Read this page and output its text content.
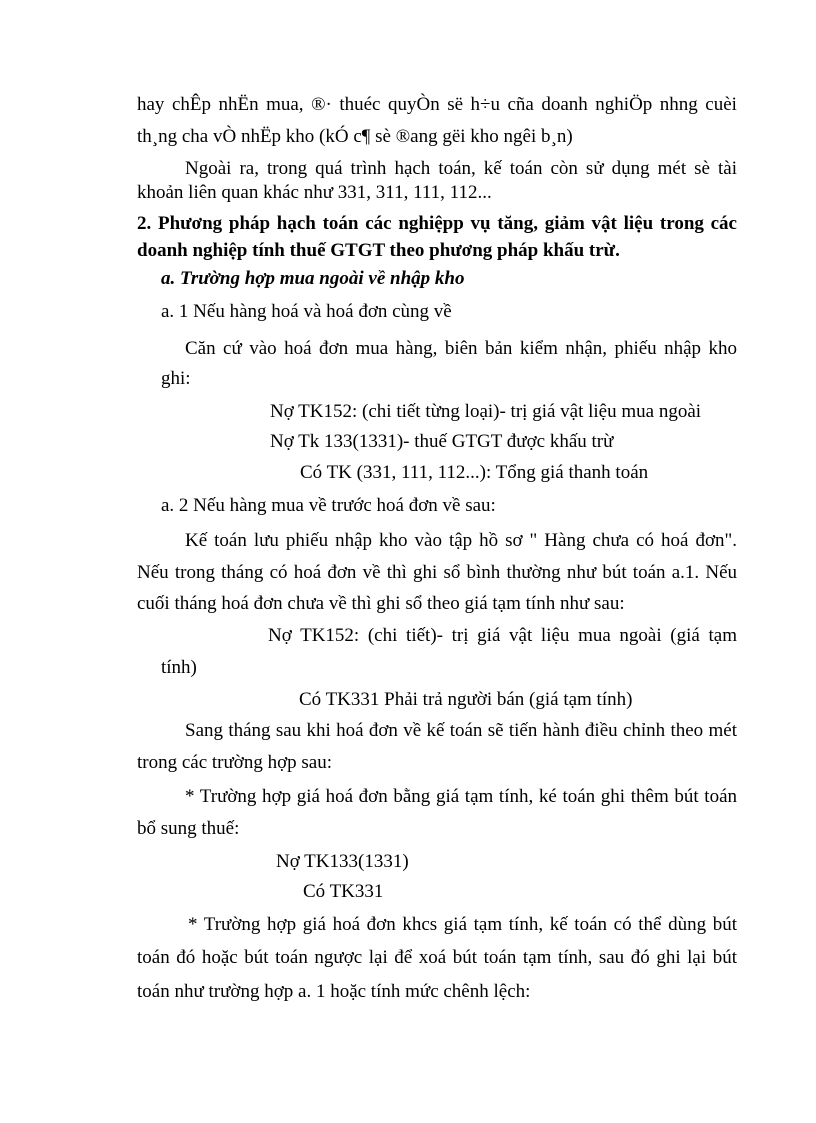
hay chÊp nhËn mua, ®· thuéc quyÒn së h÷u cña doanh nghiÖp nhng cuèi
th¸ng cha vÒ nhËp kho (kÓ c¶ sè ®ang gëi kho ngêi b¸n)
Ngoài ra, trong quá trình hạch toán, kế toán còn sử dụng mét sè tài
khoản liên quan khác như 331, 311, 111, 112...
2. Phương pháp hạch toán các nghiệpp vụ tăng, giảm vật liệu trong các
doanh nghiệp tính thuế GTGT theo phương pháp khấu trừ.
a. Trường hợp mua ngoài về nhập kho
a. 1 Nếu hàng hoá và hoá đơn cùng về
Căn cứ vào hoá đơn mua hàng, biên bản kiểm nhận, phiếu nhập kho
ghi:
Nợ TK152: (chi tiết từng loại)- trị giá vật liệu mua ngoài
Nợ Tk 133(1331)- thuế GTGT được khấu trừ
Có TK (331, 111, 112...): Tổng giá thanh toán
a. 2 Nếu hàng mua về trước hoá đơn về sau:
Kế toán lưu phiếu nhập kho vào tập hồ sơ " Hàng chưa có hoá đơn".
Nếu trong tháng có hoá đơn về thì ghi sổ bình thường như bút toán a.1. Nếu
cuối tháng hoá đơn chưa về thì ghi sổ theo giá tạm tính như sau:
Nợ TK152: (chi tiết)- trị giá vật liệu mua ngoài (giá tạm
tính)
Có TK331 Phải trả người bán (giá tạm tính)
Sang tháng sau khi hoá đơn về kế toán sẽ tiến hành điều chỉnh theo mét
trong các trường hợp sau:
* Trường hợp giá hoá đơn bằng giá tạm tính, ké toán ghi thêm bút toán
bổ sung thuế:
Nợ TK133(1331)
Có TK331
* Trường hợp giá hoá đơn khcs giá tạm tính, kế toán có thể dùng bút
toán đó hoặc bút toán ngược lại để xoá bút toán tạm tính, sau đó ghi lại bút
toán như trường hợp a. 1 hoặc tính mức chênh lệch:
